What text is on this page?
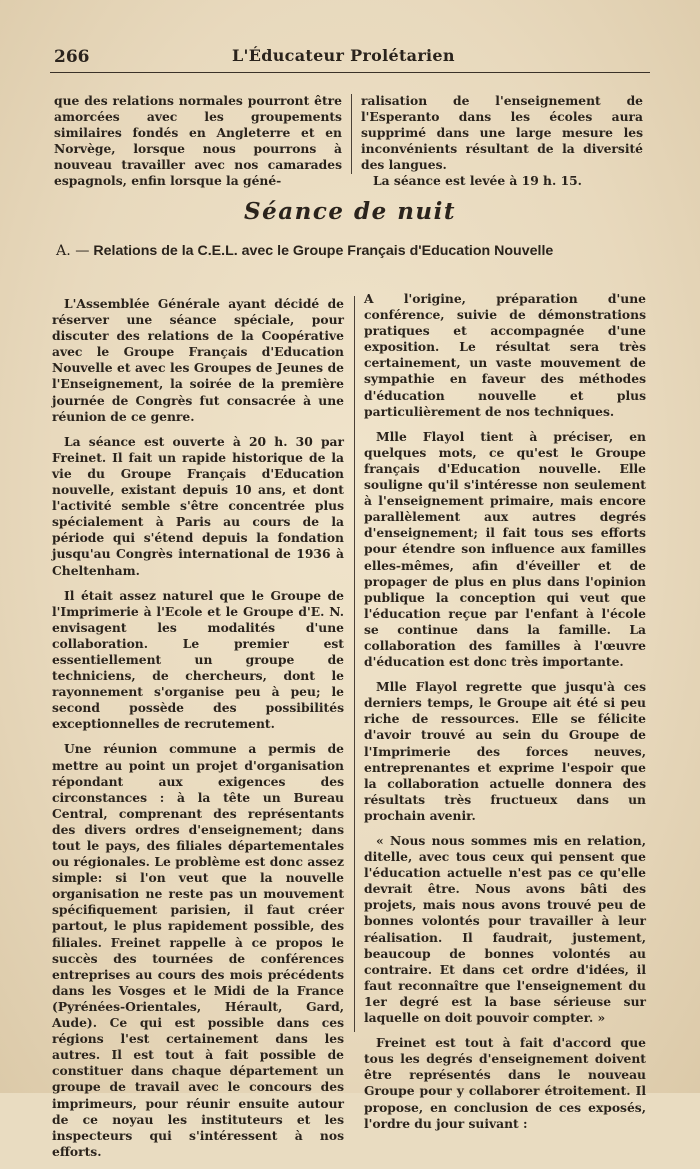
266	L'Éducateur Prolétarien

que des relations normales pourront être amorcées avec les groupements similaires fondés en Angleterre et en Norvège, lorsque nous pourrons à nouveau travailler avec nos camarades espagnols, enfin lorsque la géné-

ralisation de l'enseignement de l'Esperanto dans les écoles aura supprimé dans une large mesure les inconvénients résultant de la diversité des langues.

La séance est levée à 19 h. 15.

Séance de nuit
A. — Relations de la C.E.L. avec le Groupe Français d'Education Nouvelle

L'Assemblée Générale ayant décidé de réserver une séance spéciale, pour discuter des relations de la Coopérative avec le Groupe Français d'Education Nouvelle et avec les Groupes de Jeunes de l'Enseignement, la soirée de la première journée de Congrès fut consacrée à une réunion de ce genre.

La séance est ouverte à 20 h. 30 par Freinet. Il fait un rapide historique de la vie du Groupe Français d'Education nouvelle, existant depuis 10 ans, et dont l'activité semble s'être concentrée plus spécialement à Paris au cours de la période qui s'étend depuis la fondation jusqu'au Congrès international de 1936 à Cheltenham.

Il était assez naturel que le Groupe de l'Imprimerie à l'Ecole et le Groupe d'E. N. envisagent les modalités d'une collaboration. Le premier est essentiellement un groupe de techniciens, de chercheurs, dont le rayonnement s'organise peu à peu; le second possède des possibilités exceptionnelles de recrutement.

Une réunion commune a permis de mettre au point un projet d'organisation répondant aux exigences des circonstances : à la tête un Bureau Central, comprenant des représentants des divers ordres d'enseignement; dans tout le pays, des filiales départementales ou régionales. Le problème est donc assez simple: si l'on veut que la nouvelle organisation ne reste pas un mouvement spécifiquement parisien, il faut créer partout, le plus rapidement possible, des filiales. Freinet rappelle à ce propos le succès des tournées de conférences entreprises au cours des mois précédents dans les Vosges et le Midi de la France (Pyrénées-Orientales, Hérault, Gard, Aude). Ce qui est possible dans ces régions l'est certainement dans les autres. Il est tout à fait possible de constituer dans chaque département un groupe de travail avec le concours des imprimeurs, pour réunir ensuite autour de ce noyau les instituteurs et les inspecteurs qui s'intéressent à nos efforts.

A l'origine, préparation d'une conférence, suivie de démonstrations pratiques et accompagnée d'une exposition. Le résultat sera très certainement, un vaste mouvement de sympathie en faveur des méthodes d'éducation nouvelle et plus particulièrement de nos techniques.

Mlle Flayol tient à préciser, en quelques mots, ce qu'est le Groupe français d'Education nouvelle. Elle souligne qu'il s'intéresse non seulement à l'enseignement primaire, mais encore parallèlement aux autres degrés d'enseignement; il fait tous ses efforts pour étendre son influence aux familles elles-mêmes, afin d'éveiller et de propager de plus en plus dans l'opinion publique la conception qui veut que l'éducation reçue par l'enfant à l'école se continue dans la famille. La collaboration des familles à l'œuvre d'éducation est donc très importante.

Mlle Flayol regrette que jusqu'à ces derniers temps, le Groupe ait été si peu riche de ressources. Elle se félicite d'avoir trouvé au sein du Groupe de l'Imprimerie des forces neuves, entreprenantes et exprime l'espoir que la collaboration actuelle donnera des résultats très fructueux dans un prochain avenir.

« Nous nous sommes mis en relation, ditelle, avec tous ceux qui pensent que l'éducation actuelle n'est pas ce qu'elle devrait être. Nous avons bâti des projets, mais nous avons trouvé peu de bonnes volontés pour travailler à leur réalisation. Il faudrait, justement, beaucoup de bonnes volontés au contraire. Et dans cet ordre d'idées, il faut reconnaître que l'enseignement du 1er degré est la base sérieuse sur laquelle on doit pouvoir compter. »

Freinet est tout à fait d'accord que tous les degrés d'enseignement doivent être représentés dans le nouveau Groupe pour y collaborer étroitement. Il propose, en conclusion de ces exposés, l'ordre du jour suivant :
